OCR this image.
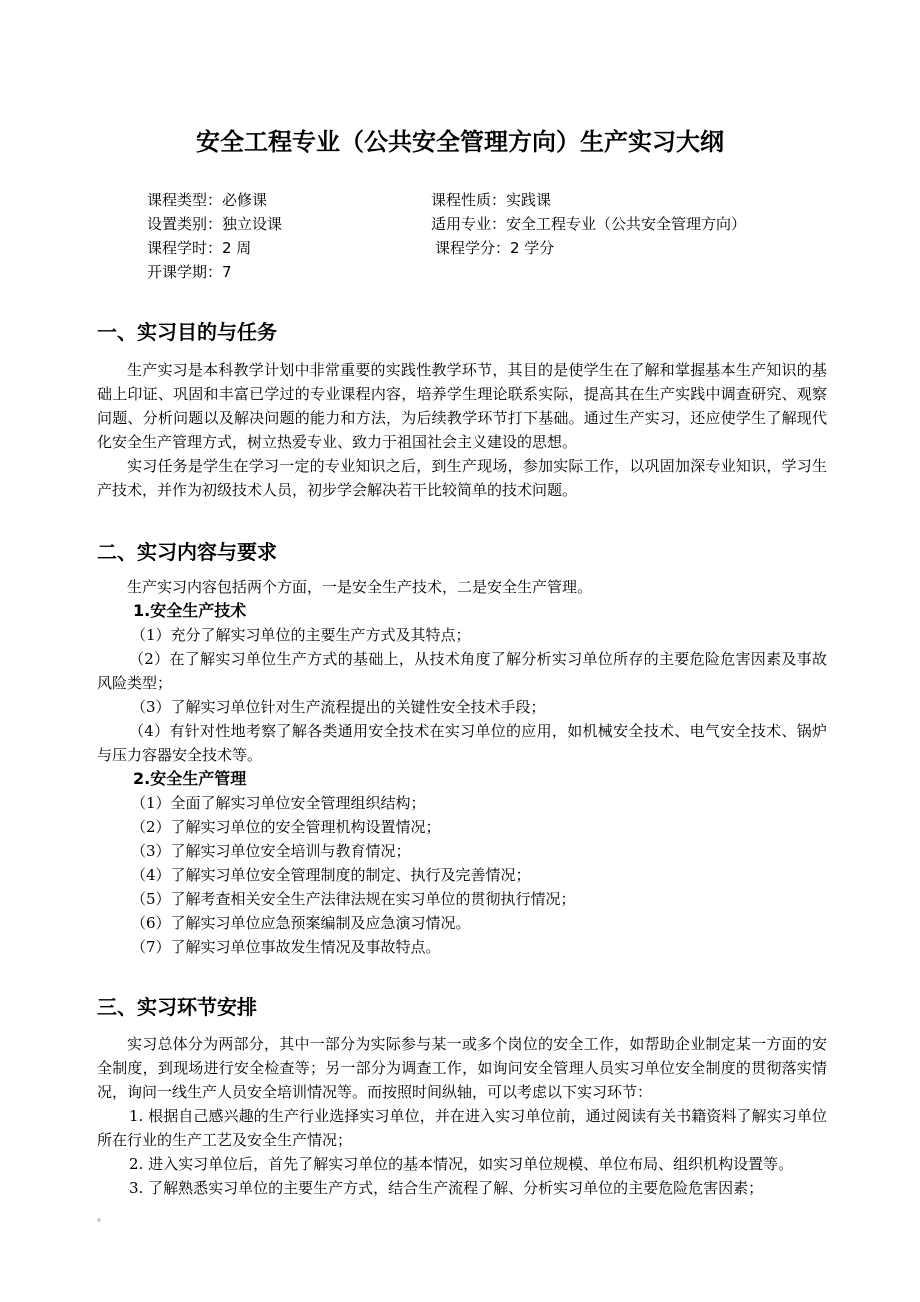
安全工程专业（公共安全管理方向）生产实习大纲
课程类型：必修课	课程性质：实践课
设置类别：独立设课	适用专业：安全工程专业（公共安全管理方向）
课程学时：2 周	课程学分：2 学分
开课学期：7
一、实习目的与任务

生产实习是本科教学计划中非常重要的实践性教学环节，其目的是使学生在了解和掌握基本生产知识的基础上印证、巩固和丰富已学过的专业课程内容，培养学生理论联系实际，提高其在生产实践中调查研究、观察问题、分析问题以及解决问题的能力和方法，为后续教学环节打下基础。通过生产实习，还应使学生了解现代化安全生产管理方式，树立热爱专业、致力于祖国社会主义建设的思想。

实习任务是学生在学习一定的专业知识之后，到生产现场，参加实际工作，以巩固加深专业知识，学习生产技术，并作为初级技术人员，初步学会解决若干比较简单的技术问题。

二、实习内容与要求

生产实习内容包括两个方面，一是安全生产技术，二是安全生产管理。

1.安全生产技术

（1）充分了解实习单位的主要生产方式及其特点；

（2）在了解实习单位生产方式的基础上，从技术角度了解分析实习单位所存的主要危险危害因素及事故风险类型；

（3）了解实习单位针对生产流程提出的关键性安全技术手段；

（4）有针对性地考察了解各类通用安全技术在实习单位的应用，如机械安全技术、电气安全技术、锅炉与压力容器安全技术等。

2.安全生产管理

（1）全面了解实习单位安全管理组织结构；

（2）了解实习单位的安全管理机构设置情况；

（3）了解实习单位安全培训与教育情况；

（4）了解实习单位安全管理制度的制定、执行及完善情况；

（5）了解考查相关安全生产法律法规在实习单位的贯彻执行情况；

（6）了解实习单位应急预案编制及应急演习情况。

（7）了解实习单位事故发生情况及事故特点。

三、实习环节安排

实习总体分为两部分，其中一部分为实际参与某一或多个岗位的安全工作，如帮助企业制定某一方面的安全制度，到现场进行安全检查等；另一部分为调查工作，如询问安全管理人员实习单位安全制度的贯彻落实情况，询问一线生产人员安全培训情况等。而按照时间纵轴，可以考虑以下实习环节：

1. 根据自己感兴趣的生产行业选择实习单位，并在进入实习单位前，通过阅读有关书籍资料了解实习单位所在行业的生产工艺及安全生产情况；

2. 进入实习单位后，首先了解实习单位的基本情况，如实习单位规模、单位布局、组织机构设置等。

3. 了解熟悉实习单位的主要生产方式，结合生产流程了解、分析实习单位的主要危险危害因素；
